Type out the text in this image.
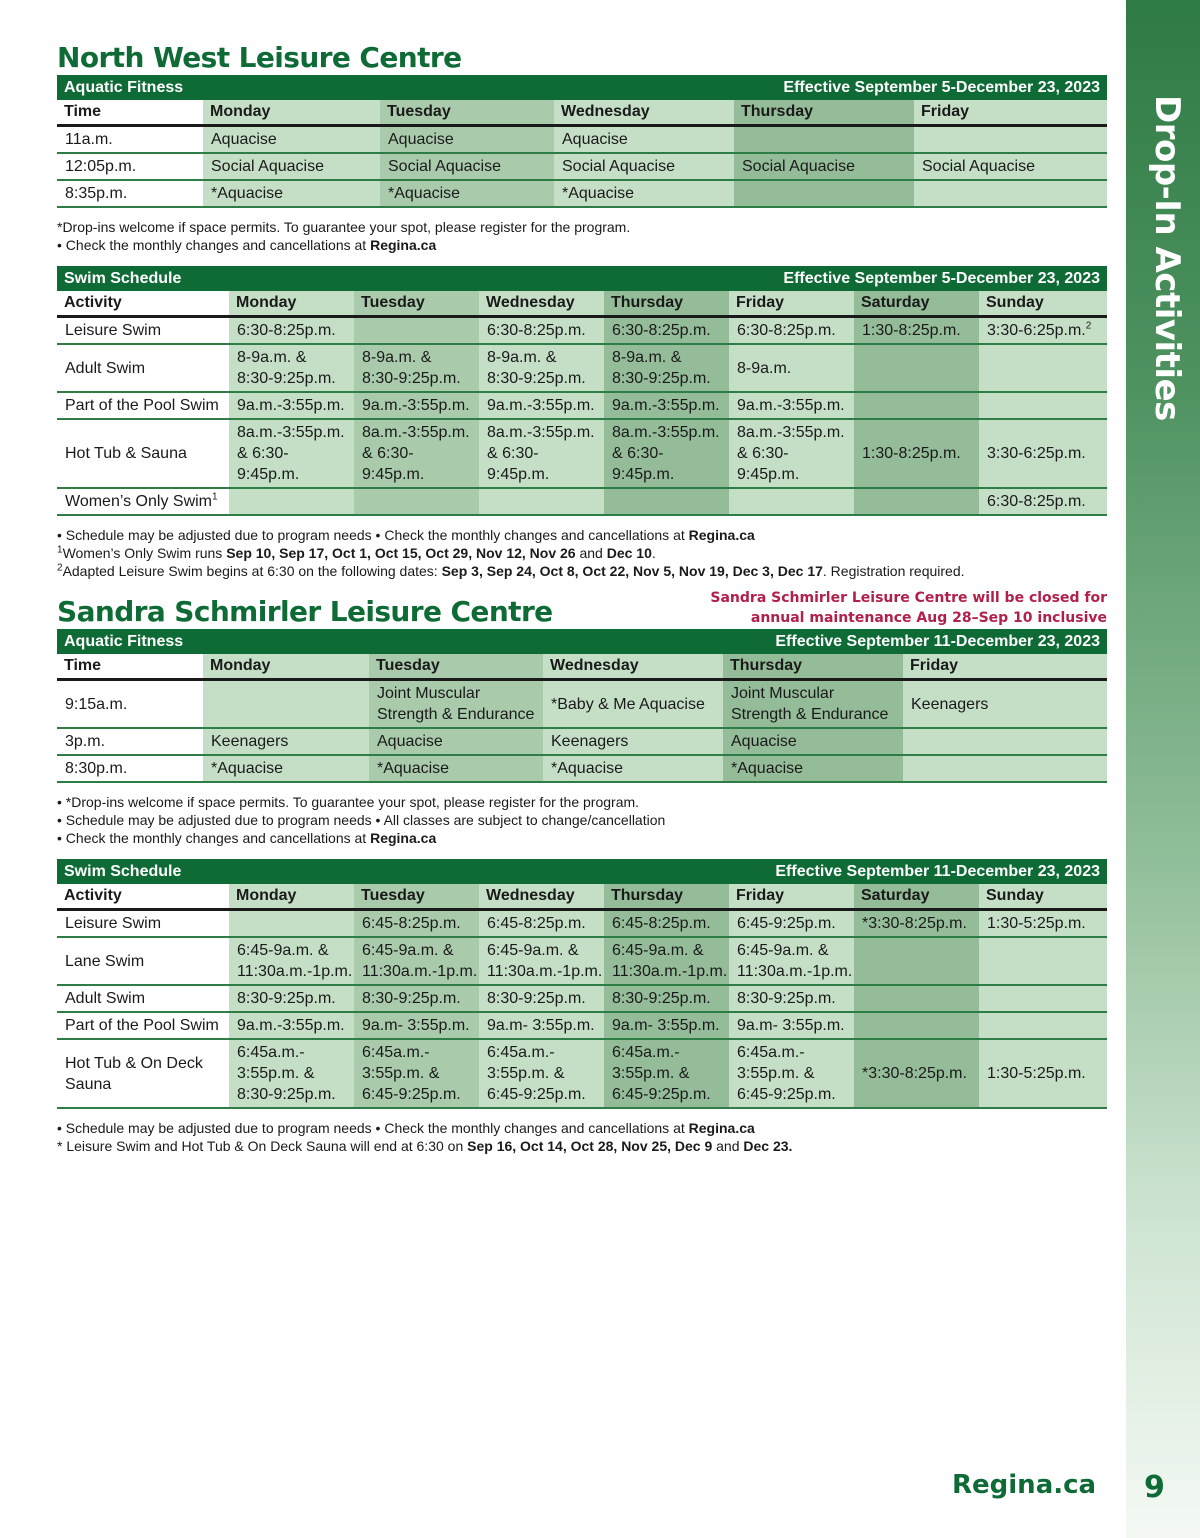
Drop-In Activities
North West Leisure Centre
Aquatic Fitness	Effective September 5-December 23, 2023
Time	Monday	Tuesday	Wednesday	Thursday	Friday
11a.m.	Aquacise	Aquacise	Aquacise		
12:05p.m.	Social Aquacise	Social Aquacise	Social Aquacise	Social Aquacise	Social Aquacise
8:35p.m.	*Aquacise	*Aquacise	*Aquacise		
*Drop-ins welcome if space permits. To guarantee your spot, please register for the program.
• Check the monthly changes and cancellations at Regina.ca
Swim Schedule	Effective September 5-December 23, 2023
Activity	Monday	Tuesday	Wednesday	Thursday	Friday	Saturday	Sunday
Leisure Swim	6:30-8:25p.m.		6:30-8:25p.m.	6:30-8:25p.m.	6:30-8:25p.m.	1:30-8:25p.m.	3:30-6:25p.m.$^2$
Adult Swim	8-9a.m. & 8:30-9:25p.m.	8-9a.m. & 8:30-9:25p.m.	8-9a.m. & 8:30-9:25p.m.	8-9a.m. & 8:30-9:25p.m.	8-9a.m.		
Part of the Pool Swim	9a.m.-3:55p.m.	9a.m.-3:55p.m.	9a.m.-3:55p.m.	9a.m.-3:55p.m.	9a.m.-3:55p.m.		
Hot Tub & Sauna	8a.m.-3:55p.m. & 6:30-9:45p.m.	8a.m.-3:55p.m. & 6:30-9:45p.m.	8a.m.-3:55p.m. & 6:30-9:45p.m.	8a.m.-3:55p.m. & 6:30-9:45p.m.	8a.m.-3:55p.m. & 6:30-9:45p.m.	1:30-8:25p.m.	3:30-6:25p.m.
Women’s Only Swim$^1$							6:30-8:25p.m.
• Schedule may be adjusted due to program needs • Check the monthly changes and cancellations at Regina.ca
$^1$Women’s Only Swim runs Sep 10, Sep 17, Oct 1, Oct 15, Oct 29, Nov 12, Nov 26 and Dec 10.
$^2$Adapted Leisure Swim begins at 6:30 on the following dates: Sep 3, Sep 24, Oct 8, Oct 22, Nov 5, Nov 19, Dec 3, Dec 17. Registration required.
Sandra Schmirler Leisure Centre	Sandra Schmirler Leisure Centre will be closed for
annual maintenance Aug 28–Sep 10 inclusive
Aquatic Fitness	Effective September 11-December 23, 2023
Time	Monday	Tuesday	Wednesday	Thursday	Friday
9:15a.m.		Joint Muscular Strength & Endurance	*Baby & Me Aquacise	Joint Muscular Strength & Endurance	Keenagers
3p.m.	Keenagers	Aquacise	Keenagers	Aquacise	
8:30p.m.	*Aquacise	*Aquacise	*Aquacise	*Aquacise	
• *Drop-ins welcome if space permits. To guarantee your spot, please register for the program.
• Schedule may be adjusted due to program needs • All classes are subject to change/cancellation
• Check the monthly changes and cancellations at Regina.ca
Swim Schedule	Effective September 11-December 23, 2023
Activity	Monday	Tuesday	Wednesday	Thursday	Friday	Saturday	Sunday
Leisure Swim		6:45-8:25p.m.	6:45-8:25p.m.	6:45-8:25p.m.	6:45-9:25p.m.	*3:30-8:25p.m.	1:30-5:25p.m.
Lane Swim	6:45-9a.m. & 11:30a.m.-1p.m.	6:45-9a.m. & 11:30a.m.-1p.m.	6:45-9a.m. & 11:30a.m.-1p.m.	6:45-9a.m. & 11:30a.m.-1p.m.	6:45-9a.m. & 11:30a.m.-1p.m.		
Adult Swim	8:30-9:25p.m.	8:30-9:25p.m.	8:30-9:25p.m.	8:30-9:25p.m.	8:30-9:25p.m.		
Part of the Pool Swim	9a.m.-3:55p.m.	9a.m- 3:55p.m.	9a.m- 3:55p.m.	9a.m- 3:55p.m.	9a.m- 3:55p.m.		
Hot Tub & On Deck Sauna	6:45a.m.- 3:55p.m. & 8:30-9:25p.m.	6:45a.m.- 3:55p.m. & 6:45-9:25p.m.	6:45a.m.- 3:55p.m. & 6:45-9:25p.m.	6:45a.m.- 3:55p.m. & 6:45-9:25p.m.	6:45a.m.- 3:55p.m. & 6:45-9:25p.m.	*3:30-8:25p.m.	1:30-5:25p.m.
• Schedule may be adjusted due to program needs • Check the monthly changes and cancellations at Regina.ca
* Leisure Swim and Hot Tub & On Deck Sauna will end at 6:30 on Sep 16, Oct 14, Oct 28, Nov 25, Dec 9 and Dec 23.
Regina.ca 9
